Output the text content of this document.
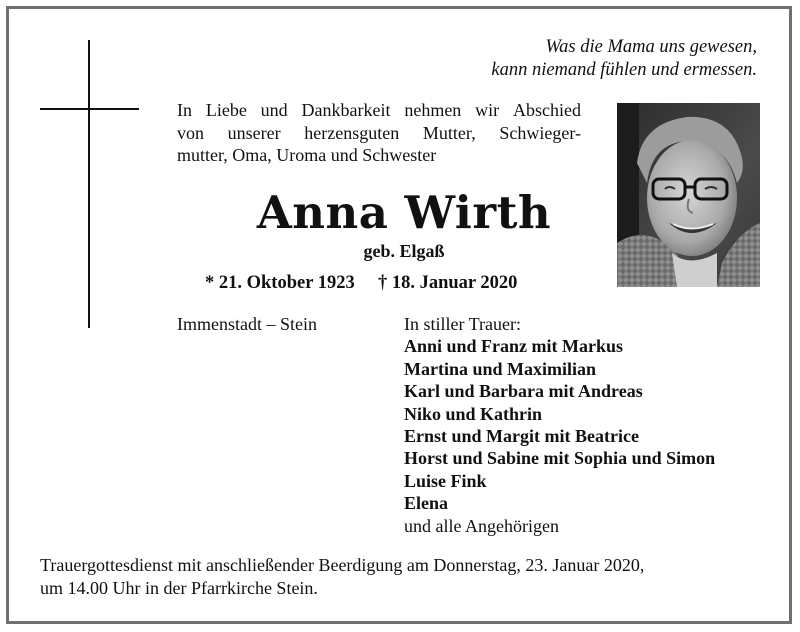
Was die Mama uns gewesen,
kann niemand fühlen und ermessen.
In Liebe und Dankbarkeit nehmen wir Abschied
von unserer herzensguten Mutter, Schwieger-
mutter, Oma, Uroma und Schwester
Anna Wirth
geb. Elgaß
* 21. Oktober 1923 † 18. Januar 2020
Immenstadt – Stein	In stiller Trauer:
Anni und Franz mit Markus
Martina und Maximilian
Karl und Barbara mit Andreas
Niko und Kathrin
Ernst und Margit mit Beatrice
Horst und Sabine mit Sophia und Simon
Luise Fink
Elena
und alle Angehörigen
Trauergottesdienst mit anschließender Beerdigung am Donnerstag, 23. Januar 2020,
um 14.00 Uhr in der Pfarrkirche Stein.
